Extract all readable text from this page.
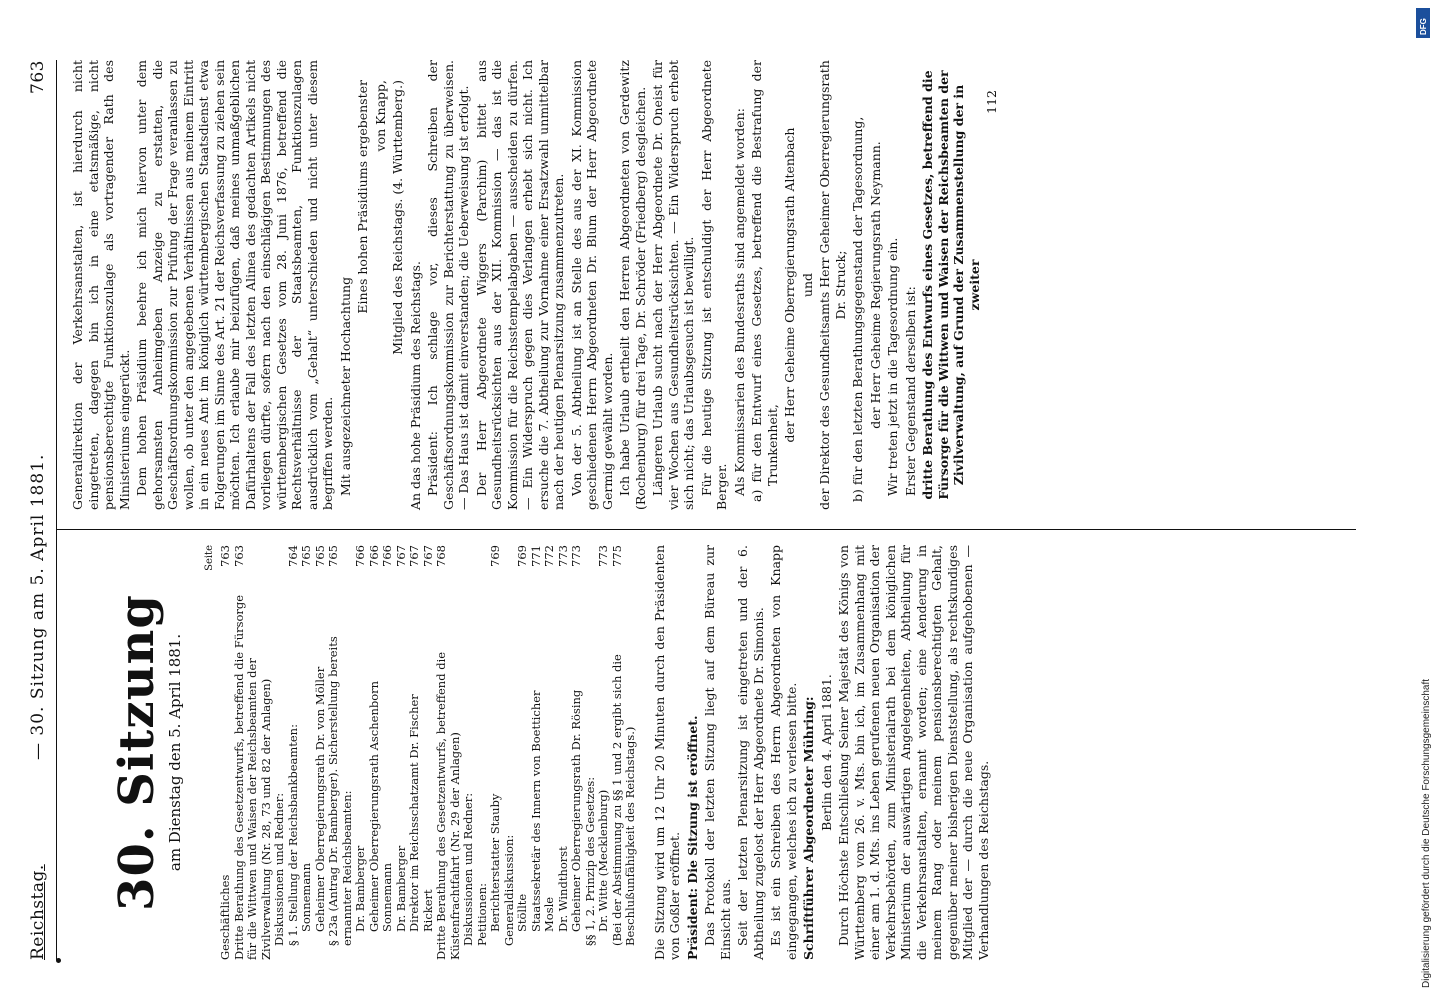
Reichstag.
— 30. Sitzung am 5. April 1881.
763
30. Sitzung am Dienstag den 5. April 1881.
Seite
Geschäftliches
763
Dritte Berathung des Gesetzentwurfs, betreffend die Fürsorge für die Wittwen und Waisen der Reichsbeamten der Zivilverwaltung (Nr. 28, 73 und 82 der Anlagen)
763
Diskussionen und Redner: § 1. Stellung der Reichsbankbeamten:
764
Sonnemann
765
Geheimer Oberregierungsrath Dr. von Möller
765
§ 23a (Antrag Dr. Bamberger). Sicherstellung bereits ernannter Reichsbeamten:
765
Dr. Bamberger
766
Geheimer Oberregierungsrath Aschenborn
766
Sonnemann
766
Dr. Bamberger
767
Direktor im Reichsschatzamt Dr. Fischer
767
Rickert
767
Dritte Berathung des Gesetzentwurfs, betreffend die Küstenfrachtfahrt (Nr. 29 der Anlagen)
768
Diskussionen und Redner: Petitionen: Berichterstatter Stauby
769
Generaldiskussion: Stöllte
769
Staatssekretär des Innern von Boetticher
771
Mosle
772
Dr. Windthorst
773
Geheimer Oberregierungsrath Dr. Rösing
773
§§ 1, 2. Prinzip des Gesetzes: Dr. Witte (Mecklenburg)
773
(Bei der Abstimmung zu §§ 1 und 2 ergibt sich die Beschlußunfähigkeit des Reichstags.)
775	Die Sitzung wird um 12 Uhr 20 Minuten durch den Präsidenten von Goßler eröffnet. Präsident: Die Sitzung ist eröffnet. Das Protokoll der letzten Sitzung liegt auf dem Büreau zur Einsicht aus. Seit der letzten Plenarsitzung ist eingetreten und der 6. Abtheilung zugelost der Herr Abgeordnete Dr. Simonis. Es ist ein Schreiben des Herrn Abgeordneten von Knapp eingegangen, welches ich zu verlesen bitte. Schriftführer Abgeordneter Mühring: Berlin den 4. April 1881. Durch Höchste Entschließung Seiner Majestät des Königs von Württemberg vom 26. v. Mts. bin ich, im Zusammenhang mit einer am 1. d. Mts. ins Leben gerufenen neuen Organisation der Verkehrsbehörden, zum Ministerialrath bei dem königlichen Ministerium der auswärtigen Angelegenheiten, Abtheilung für die Verkehrsanstalten, ernannt worden; eine Aenderung in meinem Rang oder meinem pensionsberechtigten Gehalt, gegenüber meiner bisherigen Dienststellung, als rechtskundiges Mitglied der — durch die neue Organisation aufgehobenen — Verhandlungen des Reichstags.

Generaldirektion der Verkehrsanstalten, ist hierdurch nicht eingetreten, dagegen bin ich in eine etatsmäßige, nicht pensionsberechtigte Funktionszulage als vortragender Rath des Ministeriums eingerückt. Dem hohen Präsidium beehre ich mich hiervon unter dem gehorsamsten Anheimgeben Anzeige zu erstatten, die Geschäftsordnungskommission zur Prüfung der Frage veranlassen zu wollen, ob unter den angegebenen Verhältnissen aus meinem Eintritt in ein neues Amt im königlich württembergischen Staatsdienst etwa Folgerungen im Sinne des Art. 21 der Reichsverfassung zu ziehen sein möchten. Ich erlaube mir beizufügen, daß meines unmaßgeblichen Dafürhaltens der Fall des letzten Alinea des gedachten Artikels nicht vorliegen dürfte, sofern nach den einschlägigen Bestimmungen des württembergischen Gesetzes vom 28. Juni 1876, betreffend die Rechtsverhältnisse der Staatsbeamten, Funktionszulagen ausdrücklich vom „Gehalt“ unterschieden und nicht unter diesem begriffen werden. Mit ausgezeichneter Hochachtung

Eines hohen Präsidiums ergebenster von Knapp, Mitglied des Reichstags. (4. Württemberg.)

An das hohe Präsidium des Reichstags. Präsident: Ich schlage vor, dieses Schreiben der Geschäftsordnungskommission zur Berichterstattung zu überweisen. — Das Haus ist damit einverstanden; die Ueberweisung ist erfolgt. Der Herr Abgeordnete Wiggers (Parchim) bittet aus Gesundheitsrücksichten aus der XII. Kommission — das ist die Kommission für die Reichsstempelabgaben — ausscheiden zu dürfen. — Ein Widerspruch gegen dies Verlangen erhebt sich nicht. Ich ersuche die 7. Abtheilung zur Vornahme einer Ersatzwahl unmittelbar nach der heutigen Plenarsitzung zusammenzutreten. Von der 5. Abtheilung ist an Stelle des aus der XI. Kommission geschiedenen Herrn Abgeordneten Dr. Blum der Herr Abgeordnete Germig gewählt worden. Ich habe Urlaub ertheilt den Herren Abgeordneten von Gerdewitz (Rochenburg) für drei Tage, Dr. Schröder (Friedberg) desgleichen. Längeren Urlaub sucht nach der Herr Abgeordnete Dr. Oneist für vier Wochen aus Gesundheitsrücksichten. — Ein Widerspruch erhebt sich nicht; das Urlaubsgesuch ist bewilligt. Für die heutige Sitzung ist entschuldigt der Herr Abgeordnete Berger. Als Kommissarien des Bundesraths sind angemeldet worden: a) für den Entwurf eines Gesetzes, betreffend die Bestrafung der Trunkenheit,

der Herr Geheime Oberregierungsrath Altenbach und der Direktor des Gesundheitsamts Herr Geheimer Oberregierungsrath Dr. Struck; b) für den letzten Berathungsgegenstand der Tagesordnung, der Herr Geheime Regierungsrath Neymann. Wir treten jetzt in die Tagesordnung ein. Erster Gegenstand derselben ist: dritte Berathung des Entwurfs eines Gesetzes, betreffend die Fürsorge für die Wittwen und Waisen der Reichsbeamten der Zivilverwaltung, auf Grund der Zusammenstellung der in zweiter

112

Digitalisierung gefördert durch die Deutsche Forschungsgemeinschaft
DFG
